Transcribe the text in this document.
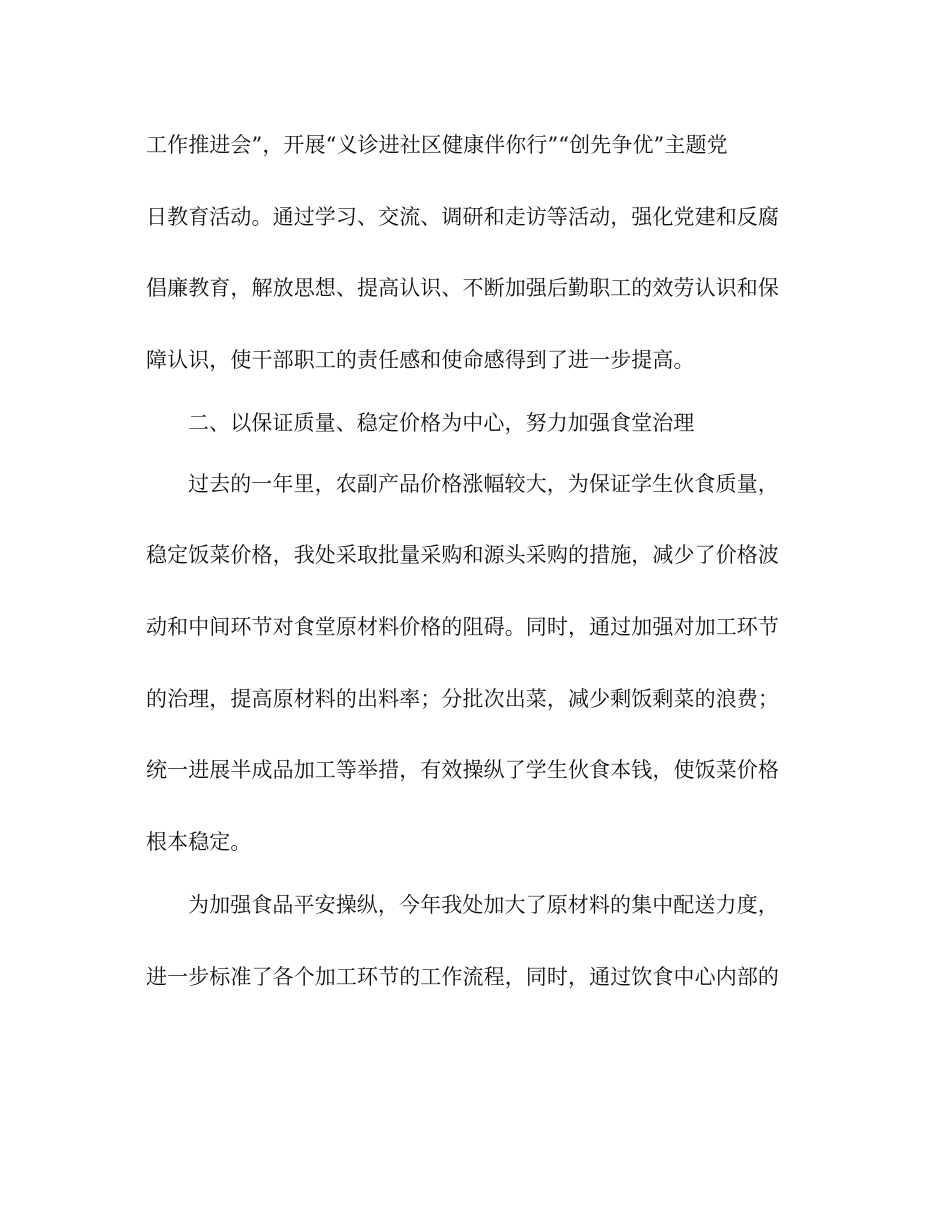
工作推进会”，开展“义诊进社区健康伴你行”“创先争优”主题党
日教育活动。通过学习、交流、调研和走访等活动，强化党建和反腐
倡廉教育，解放思想、提高认识、不断加强后勤职工的效劳认识和保
障认识，使干部职工的责任感和使命感得到了进一步提高。
二、以保证质量、稳定价格为中心，努力加强食堂治理
过去的一年里，农副产品价格涨幅较大，为保证学生伙食质量，
稳定饭菜价格，我处采取批量采购和源头采购的措施，减少了价格波
动和中间环节对食堂原材料价格的阻碍。同时，通过加强对加工环节
的治理，提高原材料的出料率；分批次出菜，减少剩饭剩菜的浪费；
统一进展半成品加工等举措，有效操纵了学生伙食本钱，使饭菜价格
根本稳定。
为加强食品平安操纵，今年我处加大了原材料的集中配送力度，
进一步标准了各个加工环节的工作流程，同时，通过饮食中心内部的
